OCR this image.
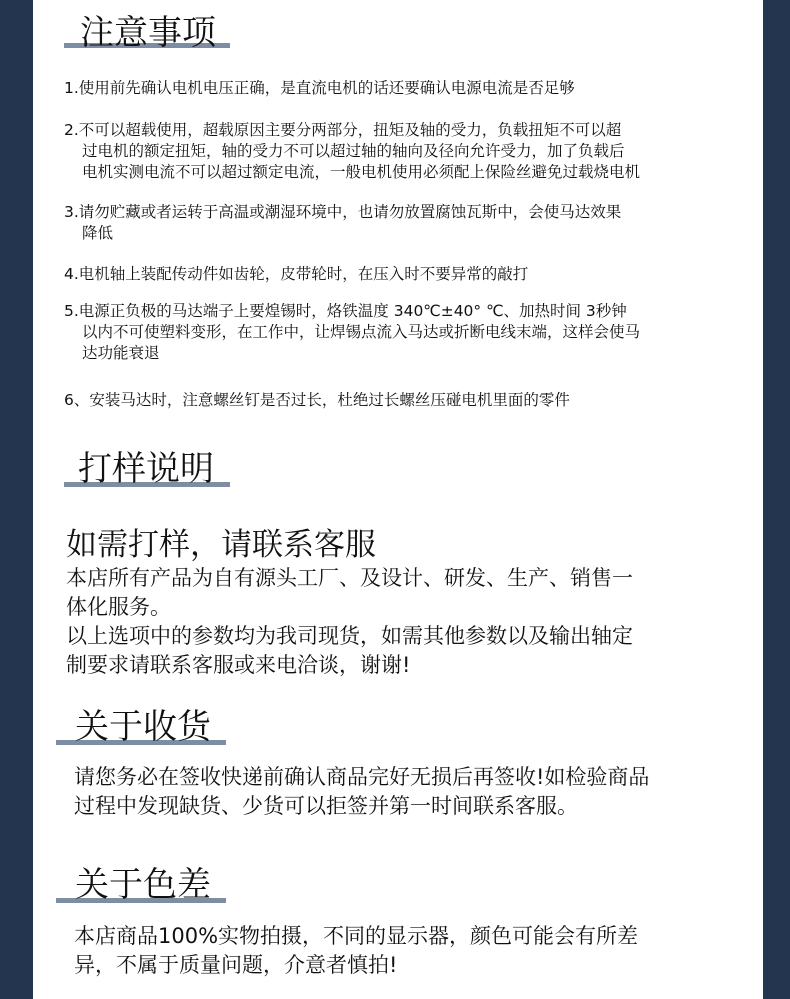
注意事项
1.使用前先确认电机电压正确，是直流电机的话还要确认电源电流是否足够
2.不可以超载使用，超载原因主要分两部分，扭矩及轴的受力，负载扭矩不可以超
过电机的额定扭矩，轴的受力不可以超过轴的轴向及径向允许受力，加了负载后
电机实测电流不可以超过额定电流，一般电机使用必须配上保险丝避免过载烧电机
3.请勿贮藏或者运转于高温或潮湿环境中，也请勿放置腐蚀瓦斯中，会使马达效果
降低
4.电机轴上装配传动件如齿轮，皮带轮时，在压入时不要异常的敲打
5.电源正负极的马达端子上要煌锡时，烙铁温度 340℃±40° ℃、加热时间 3秒钟
以内不可使塑料变形，在工作中，让焊锡点流入马达或折断电线末端，这样会使马
达功能衰退
6、安装马达时，注意螺丝钉是否过长，杜绝过长螺丝压碰电机里面的零件
打样说明
如需打样，请联系客服
本店所有产品为自有源头工厂、及设计、研发、生产、销售一
体化服务。
以上选项中的参数均为我司现货，如需其他参数以及输出轴定
制要求请联系客服或来电洽谈，谢谢!
关于收货
请您务必在签收快递前确认商品完好无损后再签收!如检验商品
过程中发现缺货、少货可以拒签并第一时间联系客服。
关于色差
本店商品100%实物拍摄，不同的显示器，颜色可能会有所差
异，不属于质量问题，介意者慎拍!
